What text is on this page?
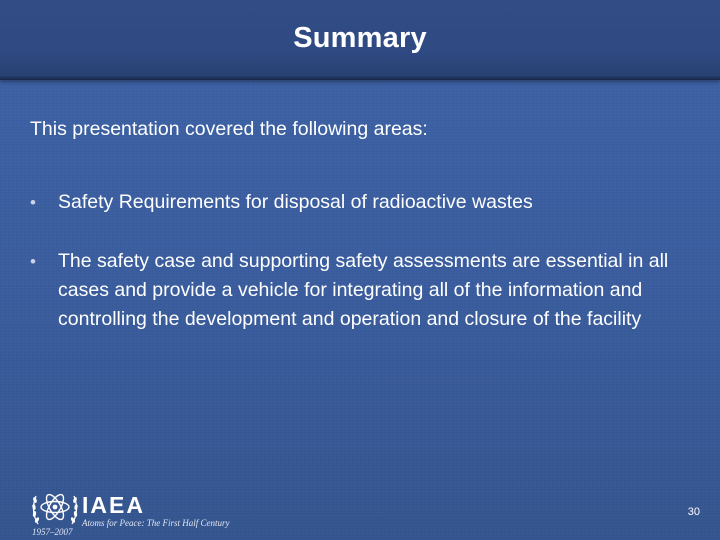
Summary
This presentation covered the following areas:
• Safety Requirements for disposal of radioactive wastes
• The safety case and supporting safety assessments are essential in all cases and provide a vehicle for integrating all of the information and controlling the development and operation and closure of the facility
IAEA
Atoms for Peace: The First Half Century
1957–2007
30
